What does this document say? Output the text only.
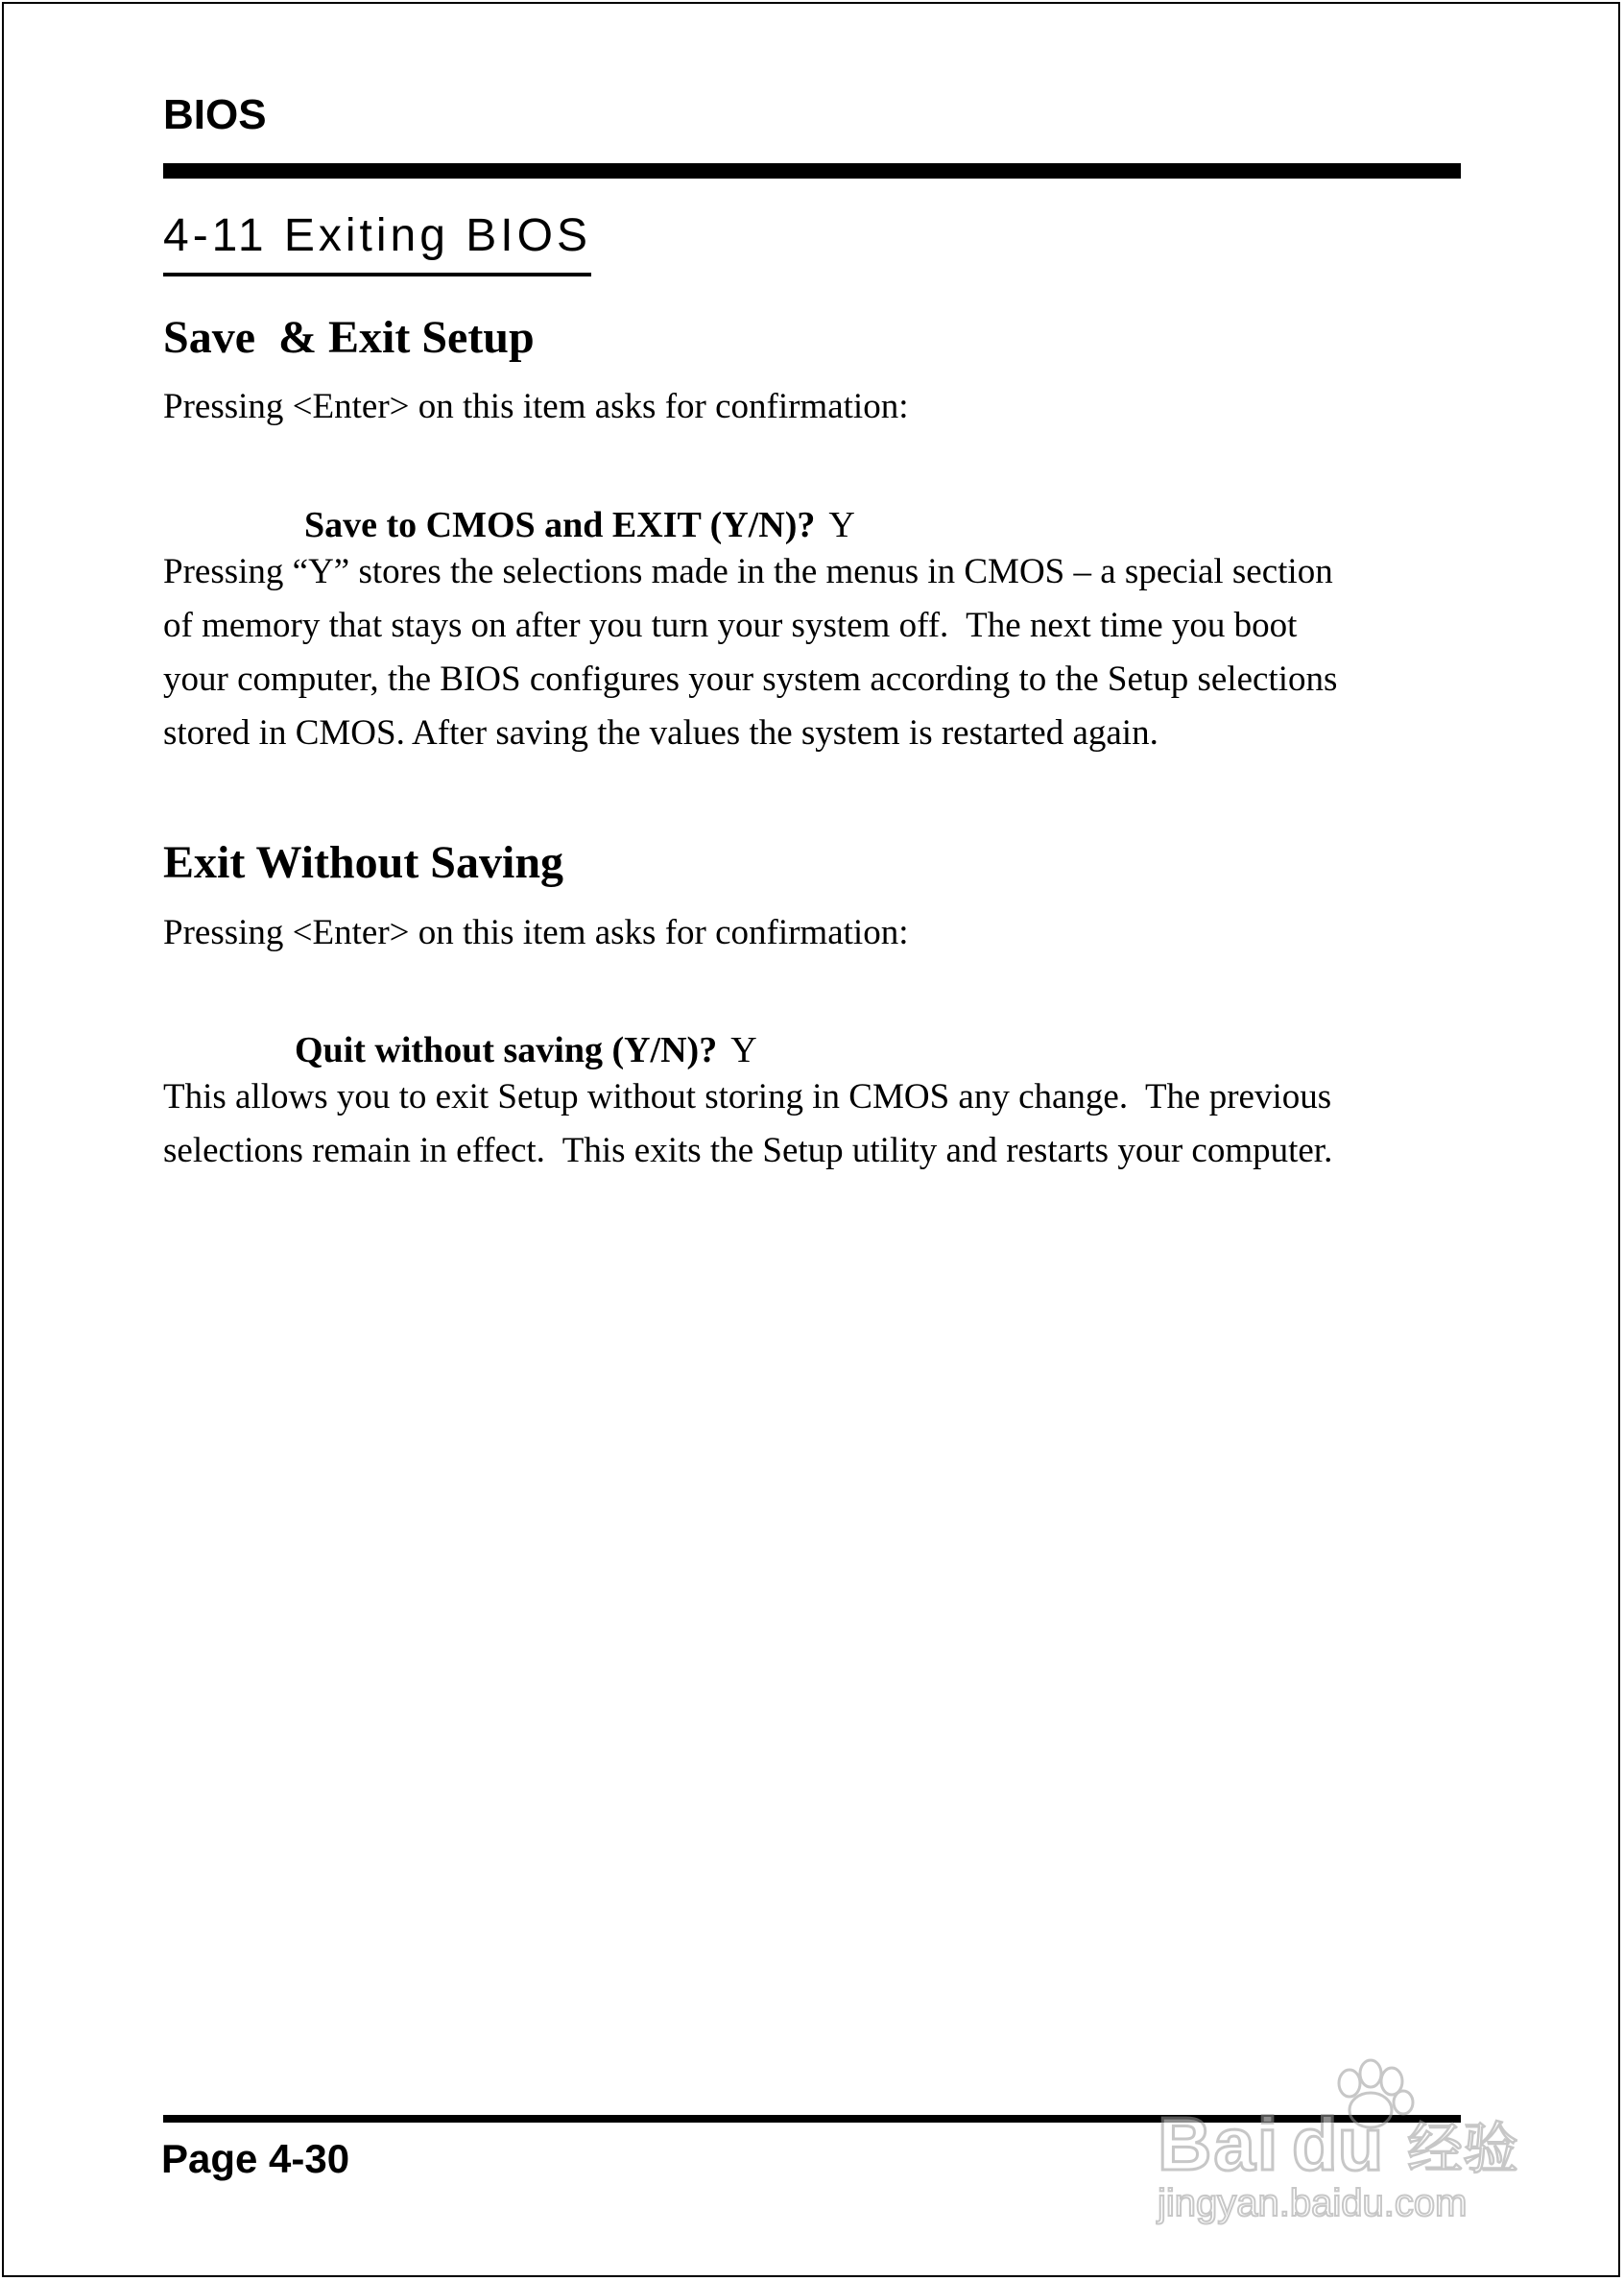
BIOS
4-11 Exiting BIOS
Save  & Exit Setup
Pressing <Enter> on this item asks for confirmation:

Save to CMOS and EXIT (Y/N)? Y

Pressing “Y” stores the selections made in the menus in CMOS – a special section
of memory that stays on after you turn your system off.  The next time you boot
your computer, the BIOS configures your system according to the Setup selections
stored in CMOS. After saving the values the system is restarted again.
Exit Without Saving
Pressing <Enter> on this item asks for confirmation:

Quit without saving (Y/N)? Y

This allows you to exit Setup without storing in CMOS any change.  The previous
selections remain in effect.  This exits the Setup utility and restarts your computer.
Page 4-30	Bai du 经验
jingyan.baidu.com
